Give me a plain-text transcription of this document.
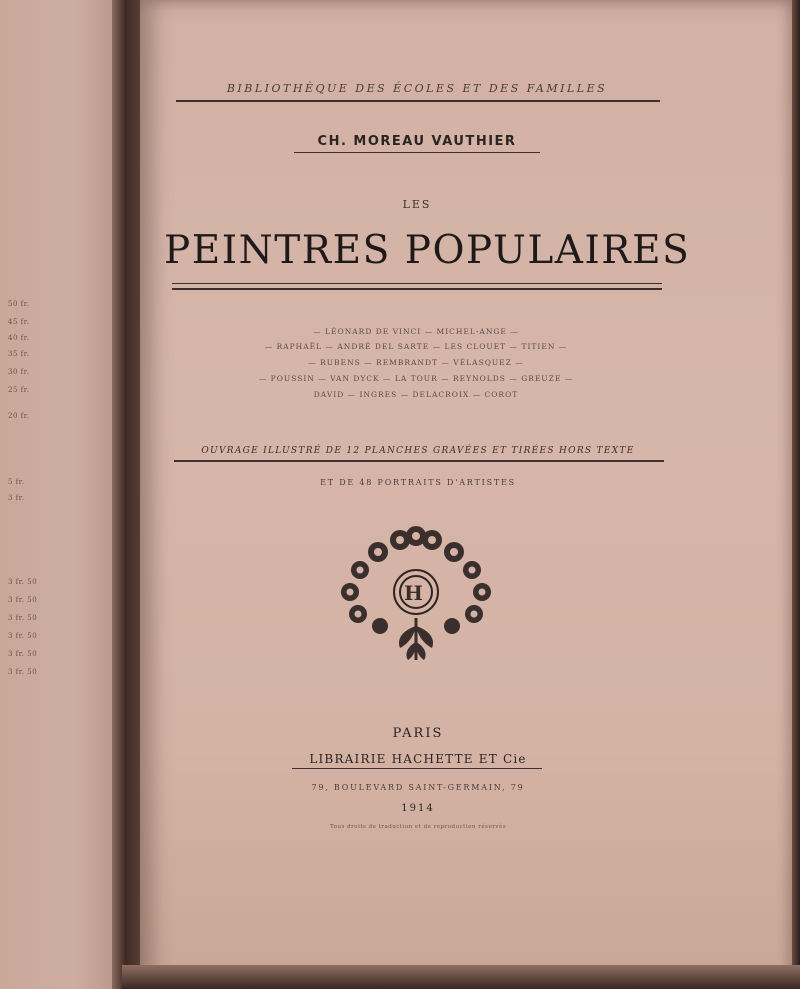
50 fr.
45 fr.
40 fr.
35 fr.
30 fr.
25 fr.
20 fr.
5 fr.
3 fr.
3 fr. 50
3 fr. 50
3 fr. 50
3 fr. 50
3 fr. 50
3 fr. 50
BIBLIOTHÈQUE DES ÉCOLES ET DES FAMILLES
CH. MOREAU VAUTHIER
LES
PEINTRES POPULAIRES
— LÉONARD DE VINCI — MICHEL-ANGE —
— RAPHAËL — ANDRÉ DEL SARTE — LES CLOUET — TITIEN —
— RUBENS — REMBRANDT — VÉLASQUEZ —
— POUSSIN — VAN DYCK — LA TOUR — REYNOLDS — GREUZE —
DAVID — INGRES — DELACROIX — COROT
OUVRAGE ILLUSTRÉ DE 12 PLANCHES GRAVÉES ET TIRÉES HORS TEXTE
ET DE 48 PORTRAITS D'ARTISTES
H
PARIS
LIBRAIRIE HACHETTE ET Cie
79, BOULEVARD SAINT-GERMAIN, 79
1914
Tous droits de traduction et de reproduction réservés
